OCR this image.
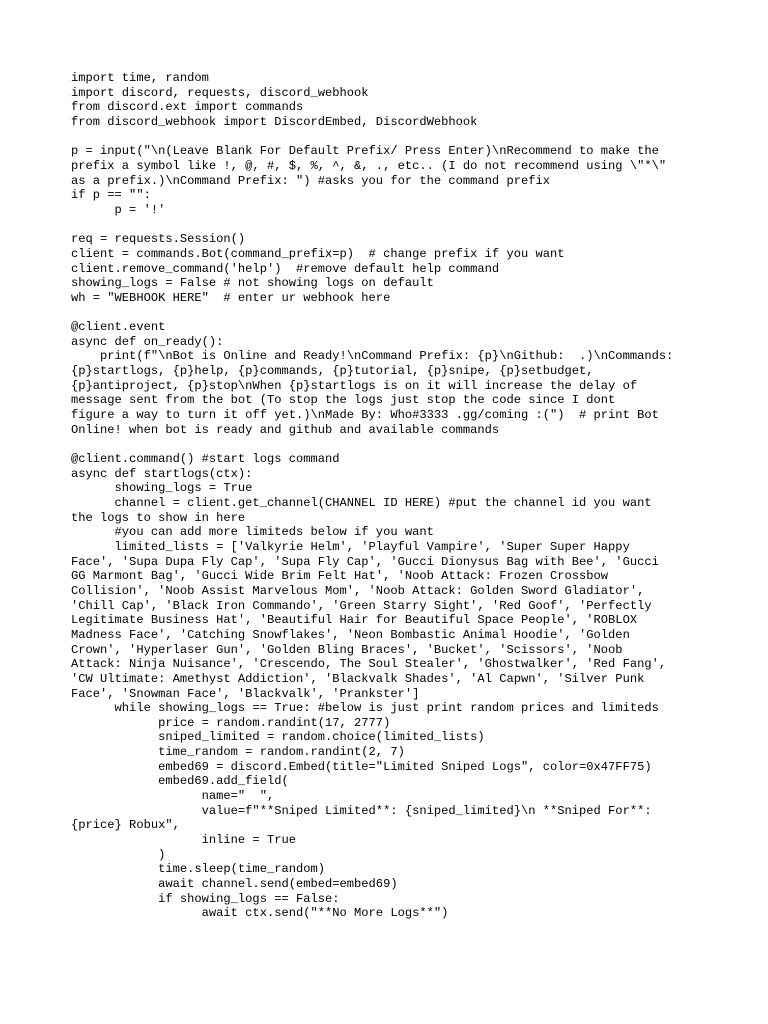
import time, random
import discord, requests, discord_webhook
from discord.ext import commands
from discord_webhook import DiscordEmbed, DiscordWebhook
p = input("\n(Leave Blank For Default Prefix/ Press Enter)\nRecommend to make the
prefix a symbol like !, @, #, $, %, ^, &, ., etc.. (I do not recommend using \"*\"
as a prefix.)\nCommand Prefix: ") #asks you for the command prefix
if p == "":
p = '!'
req = requests.Session()
client = commands.Bot(command_prefix=p)  # change prefix if you want
client.remove_command('help')  #remove default help command
showing_logs = False # not showing logs on default
wh = "WEBHOOK HERE"  # enter ur webhook here
@client.event
async def on_ready():
print(f"\nBot is Online and Ready!\nCommand Prefix: {p}\nGithub:  .)\nCommands:
{p}startlogs, {p}help, {p}commands, {p}tutorial, {p}snipe, {p}setbudget,
{p}antiproject, {p}stop\nWhen {p}startlogs is on it will increase the delay of
message sent from the bot (To stop the logs just stop the code since I dont
figure a way to turn it off yet.)\nMade By: Who#3333 .gg/coming :(")  # print Bot
Online! when bot is ready and github and available commands
@client.command() #start logs command
async def startlogs(ctx):
showing_logs = True
channel = client.get_channel(CHANNEL ID HERE) #put the channel id you want
the logs to show in here
#you can add more limiteds below if you want
limited_lists = ['Valkyrie Helm', 'Playful Vampire', 'Super Super Happy
Face', 'Supa Dupa Fly Cap', 'Supa Fly Cap', 'Gucci Dionysus Bag with Bee', 'Gucci
GG Marmont Bag', 'Gucci Wide Brim Felt Hat', 'Noob Attack: Frozen Crossbow
Collision', 'Noob Assist Marvelous Mom', 'Noob Attack: Golden Sword Gladiator',
'Chill Cap', 'Black Iron Commando', 'Green Starry Sight', 'Red Goof', 'Perfectly
Legitimate Business Hat', 'Beautiful Hair for Beautiful Space People', 'ROBLOX
Madness Face', 'Catching Snowflakes', 'Neon Bombastic Animal Hoodie', 'Golden
Crown', 'Hyperlaser Gun', 'Golden Bling Braces', 'Bucket', 'Scissors', 'Noob
Attack: Ninja Nuisance', 'Crescendo, The Soul Stealer', 'Ghostwalker', 'Red Fang',
'CW Ultimate: Amethyst Addiction', 'Blackvalk Shades', 'Al Capwn', 'Silver Punk
Face', 'Snowman Face', 'Blackvalk', 'Prankster']
while showing_logs == True: #below is just print random prices and limiteds
price = random.randint(17, 2777)
sniped_limited = random.choice(limited_lists)
time_random = random.randint(2, 7)
embed69 = discord.Embed(title="Limited Sniped Logs", color=0x47FF75)
embed69.add_field(
name="  ",
value=f"**Sniped Limited**: {sniped_limited}\n **Sniped For**:
{price} Robux",
inline = True
)
time.sleep(time_random)
await channel.send(embed=embed69)
if showing_logs == False:
await ctx.send("**No More Logs**")
